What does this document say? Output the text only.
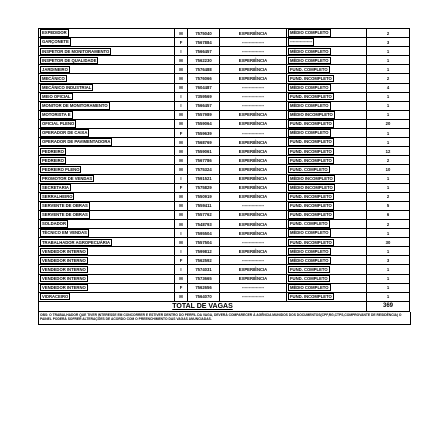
EXPEDIDOR	M	7575040	EXPERIÊNCIA	MÉDIO COMPLETO	2
GARÇONETE	F	7567884	----------------	----------------	3
INSPETOR DE MONITORAMENTO	I	7566457	----------------	MÉDIO COMPLETO	1
INSPETOR DE QUALIDADE	M	7562230	EXPERIÊNCIA	MÉDIO COMPLETO	1
JARDINEIRO	M	7576488	EXPERIÊNCIA	FUND. COMPLETO	1
MECÂNICO	M	7576066	EXPERIÊNCIA	FUND. INCOMPLETO	2
MECÂNICO INDUSTRIAL	M	7604487	----------------	MÉDIO COMPLETO	4
MEIO OFICIAL	I	7359569	----------------	FUND. INCOMPLETO	1
MONITOR DE MONITORAMENTO	I	7566457	----------------	MÉDIO COMPLETO	1
MOTORISTA E	M	7557989	EXPERIÊNCIA	MÉDIO INCOMPLETO	1
OFICIAL PLENO	M	7559064	EXPERIÊNCIA	FUND. INCOMPLETO	20
OPERADOR DE CAIXA	F	7559639	----------------	MÉDIO COMPLETO	1
OPERADOR DE PAVIMENTADORA	M	7568769	EXPERIÊNCIA	FUND. INCOMPLETO	1
PEDREIRO	M	7559061	EXPERIÊNCIA	FUND. INCOMPLETO	12
PEDREIRO	M	7567786	EXPERIÊNCIA	FUND. INCOMPLETO	2
PEDREIRO PLENO	M	7575324	EXPERIÊNCIA	FUND. COMPLETO	10
PROMOTOR DE VENDAS	I	7591521	EXPERIÊNCIA	MÉDIO INCOMPLETO	1
SECRETARIA	F	7575829	EXPERIÊNCIA	MÉDIO INCOMPLETO	1
SERRALHEIRO	M	7550919	EXPERIÊNCIA	FUND. INCOMPLETO	2
SERVENTE DE OBRAS	M	7559411	----------------	FUND. INCOMPLETO	5
SERVENTE DE OBRAS	M	7557762	EXPERIÊNCIA	FUND. INCOMPLETO	6
SOLDADOR	M	7548793	EXPERIÊNCIA	FUND. COMPLETO	2
TÉCNICO EM VENDAS	I	7595504	EXPERIÊNCIA	MÉDIO COMPLETO	1
TRABALHADOR AGROPECUÁRIA	M	7557504	----------------	FUND. INCOMPLETO	30
VENDEDOR INTERNO	I	7599812	EXPERIÊNCIA	MÉDIO COMPLETO	1
VENDEDOR INTERNO	F	7562592	----------------	MÉDIO COMPLETO	3
VENDEDOR INTERNO	I	7574031	EXPERIÊNCIA	FUND. COMPLETO	1
VENDEDOR INTERNO	M	7573665	EXPERIÊNCIA	FUND. COMPLETO	1
VENDEDOR INTERNO	F	7562656	----------------	MÉDIO COMPLETO	1
VIDRACEIRO	M	7564070	----------------	FUND. INCOMPLETO	1
TOTAL DE VAGAS					369
OBS: O TRABALHADOR QUE TIVER INTERESSE EM CONCORRER E ESTIVER DENTRO DO PERFIL DA VAGA, DEVERÁ COMPARECER À AGÊNCIA MUNIDOS DOS DOCUMENTOS(CPF,RG,CTPS,COMPROVANTE DE RESIDÊNCIA) O PAINEL PODERÁ SOFRER ALTERAÇÕES DE ACORDO COM O PREENCHIMENTO DAS VAGAS ANUNCIADAS.
